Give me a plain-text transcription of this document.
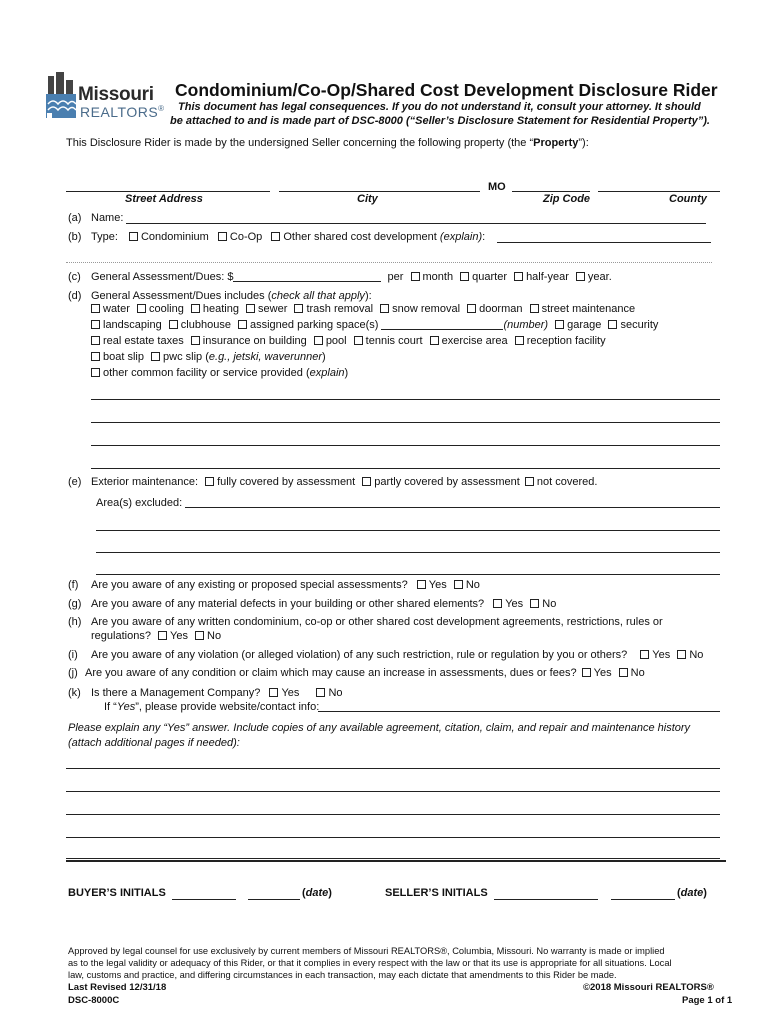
Missouri
REALTORS®
Condominium/Co-Op/Shared Cost Development Disclosure Rider
This document has legal consequences. If you do not understand it, consult your attorney. It should
be attached to and is made part of DSC-8000 (“Seller’s Disclosure Statement for Residential Property”).
This Disclosure Rider is made by the undersigned Seller concerning the following property (the “Property”):
MO
Street Address	City	Zip Code	County
(a) Name:
(b) Type: Condominium Co-Op Other shared cost development (explain):
(c) General Assessment/Dues: $	per month quarter half-year year.
(d) General Assessment/Dues includes (check all that apply):
water cooling heating sewer trash removal snow removal doorman street maintenance
landscaping clubhouse assigned parking space(s)	(number) garage security
real estate taxes insurance on building pool tennis court exercise area reception facility
boat slip pwc slip (e.g., jetski, waverunner)
other common facility or service provided (explain)
(e) Exterior maintenance: fully covered by assessment partly covered by assessment not covered.
Area(s) excluded:
(f) Are you aware of any existing or proposed special assessments? Yes No
(g) Are you aware of any material defects in your building or other shared elements? Yes No
(h) Are you aware of any written condominium, co-op or other shared cost development agreements, restrictions, rules or
regulations? Yes No
(i) Are you aware of any violation (or alleged violation) of any such restriction, rule or regulation by you or others? Yes No
(j) Are you aware of any condition or claim which may cause an increase in assessments, dues or fees? Yes No
(k) Is there a Management Company? Yes	No
If “Yes”, please provide website/contact info:
Please explain any “Yes” answer. Include copies of any available agreement, citation, claim, and repair and maintenance history
(attach additional pages if needed):
BUYER’S INITIALS	(date)	SELLER’S INITIALS	(date)
Approved by legal counsel for use exclusively by current members of Missouri REALTORS®, Columbia, Missouri. No warranty is made or implied
as to the legal validity or adequacy of this Rider, or that it complies in every respect with the law or that its use is appropriate for all situations. Local
law, customs and practice, and differing circumstances in each transaction, may each dictate that amendments to this Rider be made.
Last Revised 12/31/18	©2018 Missouri REALTORS®
DSC-8000C	Page 1 of 1
